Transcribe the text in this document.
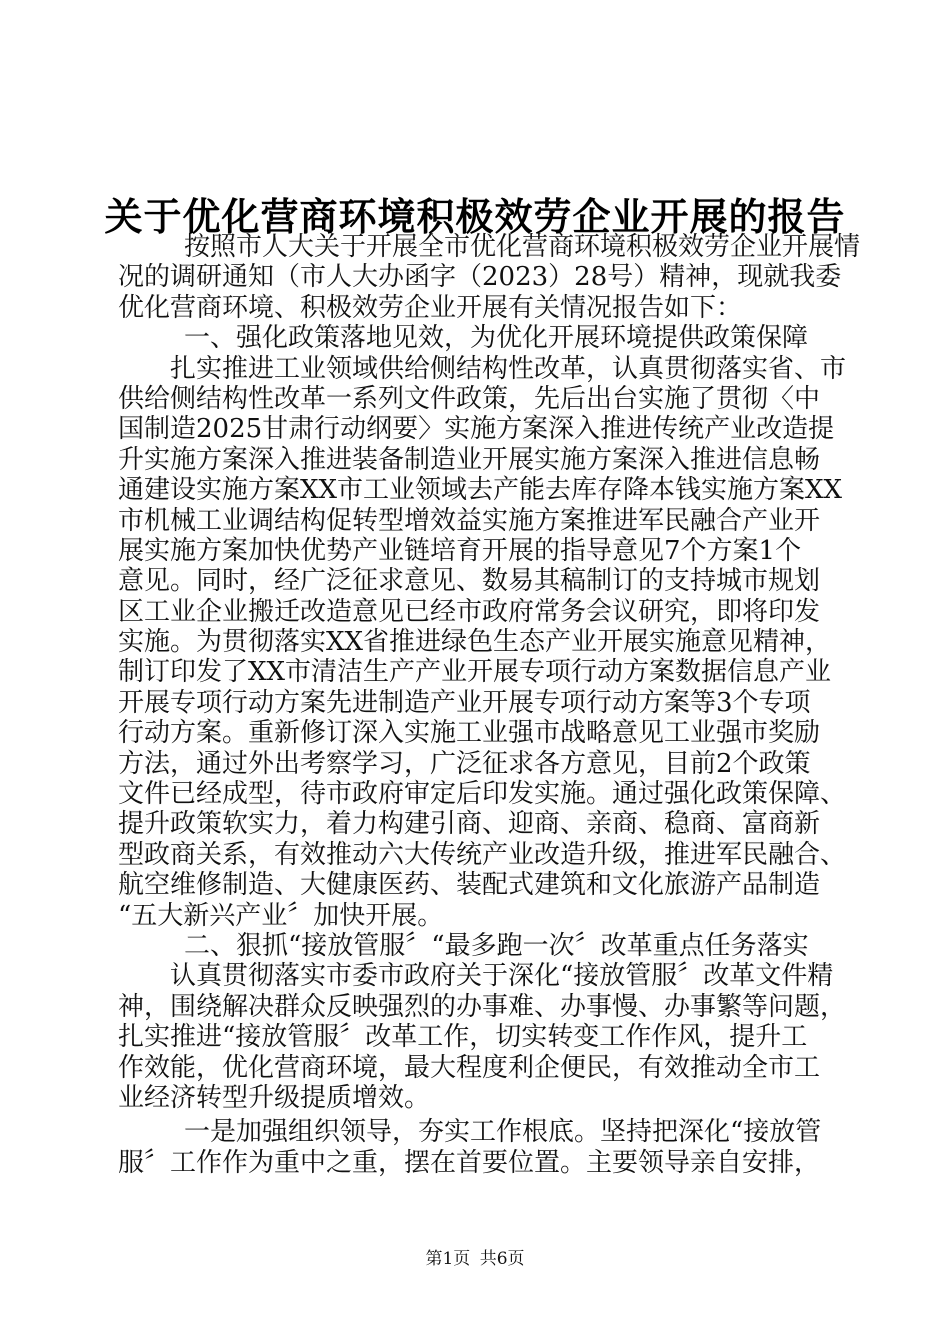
关于优化营商环境积极效劳企业开展的报告
按照市人大关于开展全市优化营商环境积极效劳企业开展情
况的调研通知（市人大办函字（2023）28号）精神，现就我委
优化营商环境、积极效劳企业开展有关情况报告如下：
一、强化政策落地见效，为优化开展环境提供政策保障
扎实推进工业领域供给侧结构性改革，认真贯彻落实省、市
供给侧结构性改革一系列文件政策，先后出台实施了贯彻〈中
国制造2025甘肃行动纲要〉实施方案深入推进传统产业改造提
升实施方案深入推进装备制造业开展实施方案深入推进信息畅
通建设实施方案XX市工业领域去产能去库存降本钱实施方案XX
市机械工业调结构促转型增效益实施方案推进军民融合产业开
展实施方案加快优势产业链培育开展的指导意见7个方案1个
意见。同时，经广泛征求意见、数易其稿制订的支持城市规划
区工业企业搬迁改造意见已经市政府常务会议研究，即将印发
实施。为贯彻落实XX省推进绿色生态产业开展实施意见精神，
制订印发了XX市清洁生产产业开展专项行动方案数据信息产业
开展专项行动方案先进制造产业开展专项行动方案等3个专项
行动方案。重新修订深入实施工业强市战略意见工业强市奖励
方法，通过外出考察学习，广泛征求各方意见，目前2个政策
文件已经成型，待市政府审定后印发实施。通过强化政策保障、
提升政策软实力，着力构建引商、迎商、亲商、稳商、富商新
型政商关系，有效推动六大传统产业改造升级，推进军民融合、
航空维修制造、大健康医药、装配式建筑和文化旅游产品制造
“五大新兴产业〞加快开展。
二、狠抓“接放管服〞“最多跑一次〞改革重点任务落实
认真贯彻落实市委市政府关于深化“接放管服〞改革文件精
神，围绕解决群众反映强烈的办事难、办事慢、办事繁等问题，
扎实推进“接放管服〞改革工作，切实转变工作作风，提升工
作效能，优化营商环境，最大程度利企便民，有效推动全市工
业经济转型升级提质增效。
一是加强组织领导，夯实工作根底。坚持把深化“接放管
服〞工作作为重中之重，摆在首要位置。主要领导亲自安排，
第1页 共6页
